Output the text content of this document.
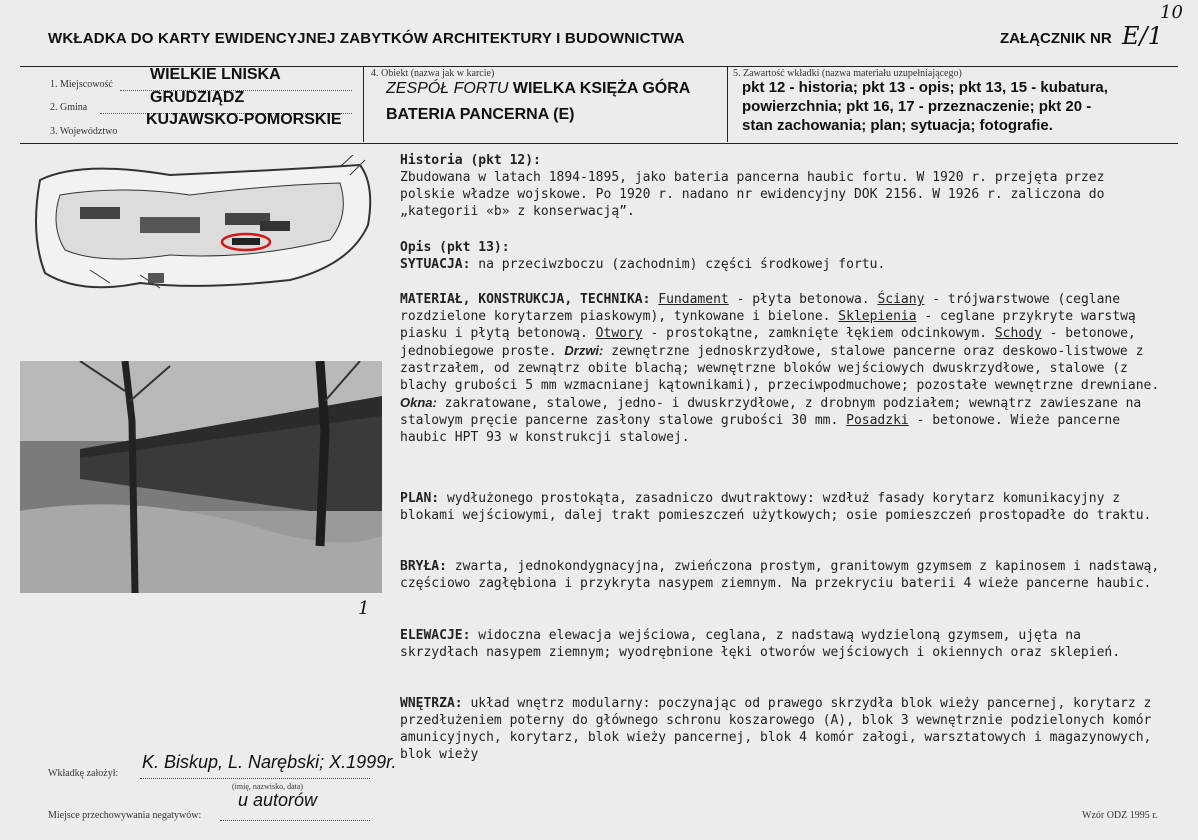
WKŁADKA DO KARTY EWIDENCYJNEJ ZABYTKÓW ARCHITEKTURY I BUDOWNICTWA	ZAŁĄCZNIK NR E/1
10
1. Miejscowość
WIELKIE LNISKA
2. Gmina
GRUDZIĄDZ
3. Województwo
KUJAWSKO-POMORSKIE
4. Obiekt (nazwa jak w karcie)
ZESPÓŁ FORTU WIELKA KSIĘŻA GÓRA
BATERIA PANCERNA (E)
5. Zawartość wkładki (nazwa materiału uzupełniającego)
pkt 12 - historia; pkt 13 - opis; pkt 13, 15 - kubatura,
powierzchnia; pkt 16, 17 - przeznaczenie; pkt 20 -
stan zachowania; plan; sytuacja; fotografie.
1
Historia (pkt 12):
Zbudowana w latach 1894-1895, jako bateria pancerna haubic fortu. W 1920 r. przejęta przez polskie władze wojskowe. Po 1920 r. nadano nr ewidencyjny DOK 2156. W 1926 r. zaliczona do „kategorii «b» z konserwacją”.
Opis (pkt 13):
SYTUACJA: na przeciwzboczu (zachodnim) części środkowej fortu.
MATERIAŁ, KONSTRUKCJA, TECHNIKA: Fundament - płyta betonowa. Ściany - trójwarstwowe (ceglane rozdzielone korytarzem piaskowym), tynkowane i bielone. Sklepienia - ceglane przykryte warstwą piasku i płytą betonową. Otwory - prostokątne, zamknięte łękiem odcinkowym. Schody - betonowe, jednobiegowe proste. Drzwi: zewnętrzne jednoskrzydłowe, stalowe pancerne oraz deskowo-listwowe z zastrzałem, od zewnątrz obite blachą; wewnętrzne bloków wejściowych dwuskrzydłowe, stalowe (z blachy grubości 5 mm wzmacnianej kątownikami), przeciwpodmuchowe; pozostałe wewnętrzne drewniane. Okna: zakratowane, stalowe, jedno- i dwuskrzydłowe, z drobnym podziałem; wewnątrz zawieszane na stalowym pręcie pancerne zasłony stalowe grubości 30 mm. Posadzki - betonowe. Wieże pancerne haubic HPT 93 w konstrukcji stalowej.
PLAN: wydłużonego prostokąta, zasadniczo dwutraktowy: wzdłuż fasady korytarz komunikacyjny z blokami wejściowymi, dalej trakt pomieszczeń użytkowych; osie pomieszczeń prostopadłe do traktu.
BRYŁA: zwarta, jednokondygnacyjna, zwieńczona prostym, granitowym gzymsem z kapinosem i nadstawą, częściowo zagłębiona i przykryta nasypem ziemnym. Na przekryciu baterii 4 wieże pancerne haubic.
ELEWACJE: widoczna elewacja wejściowa, ceglana, z nadstawą wydzieloną gzymsem, ujęta na skrzydłach nasypem ziemnym; wyodrębnione łęki otworów wejściowych i okiennych oraz sklepień.
WNĘTRZA: układ wnętrz modularny: poczynając od prawego skrzydła blok wieży pancernej, korytarz z przedłużeniem poterny do głównego schronu koszarowego (A), blok 3 wewnętrznie podzielonych komór amunicyjnych, korytarz, blok wieży pancernej, blok 4 komór załogi, warsztatowych i magazynowych, blok wieży
Wkładkę założył:
K. Biskup, L. Narębski; X.1999r.
(imię, nazwisko, data)
Miejsce przechowywania negatywów:
u autorów
Wzór ODZ 1995 r.
